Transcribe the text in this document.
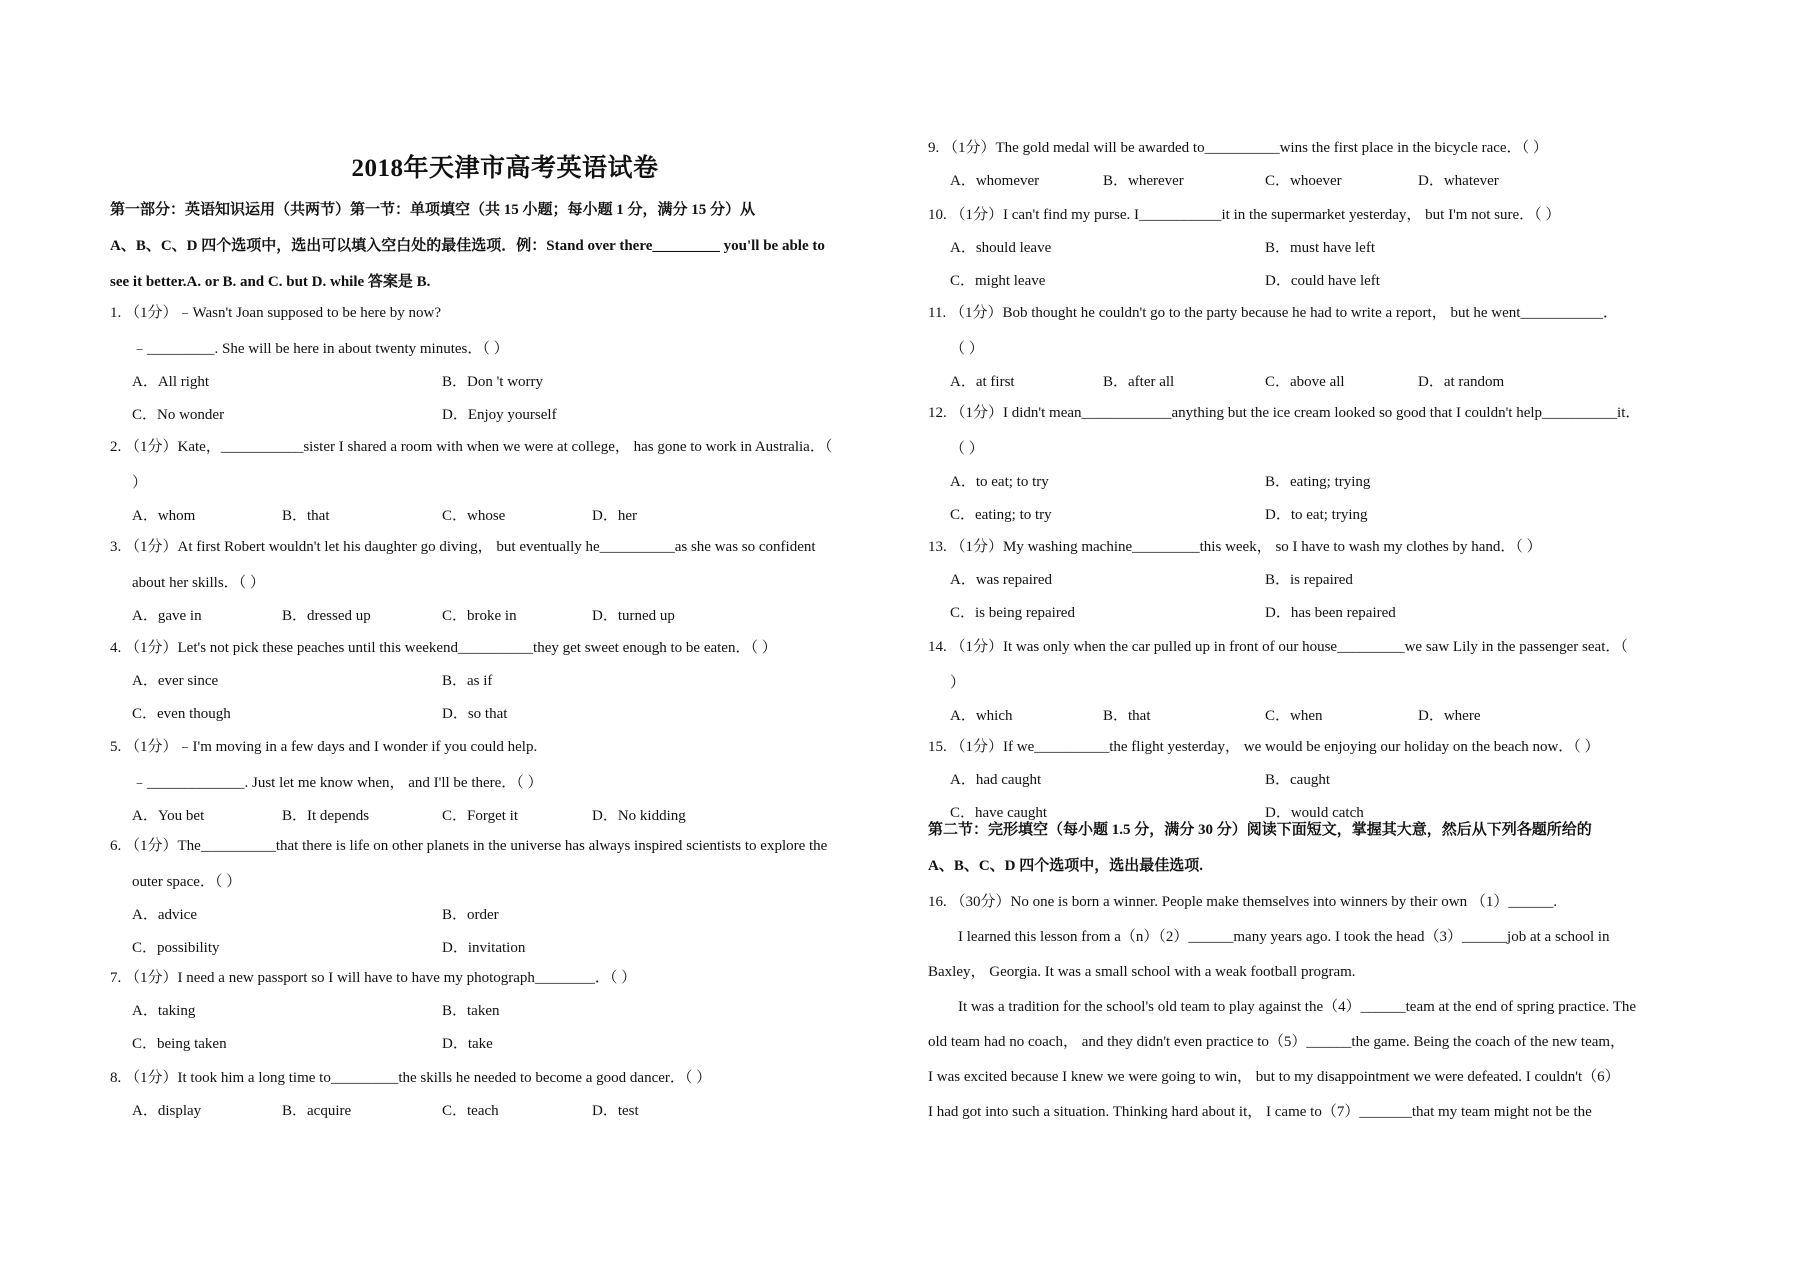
2018年天津市高考英语试卷
第一部分：英语知识运用（共两节）第一节：单项填空（共 15 小题；每小题 1 分，满分 15 分）从
A、B、C、D 四个选项中，选出可以填入空白处的最佳选项．例：Stand over there_________ you'll be able to
see it better.A. or B. and C. but D. while 答案是 B.
1. （1分）﹣Wasn't Joan supposed to be here by now?
﹣_________. She will be here in about twenty minutes．（ ）
A．All right	B．Don 't worry
C．No wonder	D．Enjoy yourself
2. （1分）Kate，___________sister I shared a room with when we were at college， has gone to work in Australia．（
）
A．whom	B．that	C．whose	D．her
3. （1分）At first Robert wouldn't let his daughter go diving， but eventually he__________as she was so confident
about her skills．（ ）
A．gave in	B．dressed up	C．broke in	D．turned up
4. （1分）Let's not pick these peaches until this weekend__________they get sweet enough to be eaten．（ ）
A．ever since	B．as if
C．even though	D．so that
5. （1分）﹣I'm moving in a few days and I wonder if you could help.
﹣_____________. Just let me know when， and I'll be there．（ ）
A．You bet	B．It depends	C．Forget it	D．No kidding
6. （1分）The__________that there is life on other planets in the universe has always inspired scientists to explore the
outer space．（ ）
A．advice	B．order
C．possibility	D．invitation
7. （1分）I need a new passport so I will have to have my photograph________．（ ）
A．taking	B．taken
C．being taken	D．take
8. （1分）It took him a long time to_________the skills he needed to become a good dancer．（ ）
A．display	B．acquire	C．teach	D．test
9. （1分）The gold medal will be awarded to__________wins the first place in the bicycle race．（ ）
A．whomever	B．wherever	C．whoever	D．whatever
10. （1分）I can't find my purse. I___________it in the supermarket yesterday， but I'm not sure．（ ）
A．should leave	B．must have left
C．might leave	D．could have left
11. （1分）Bob thought he couldn't go to the party because he had to write a report， but he went___________．
（ ）
A．at first	B．after all	C．above all	D．at random
12. （1分）I didn't mean____________anything but the ice cream looked so good that I couldn't help__________it．
（ ）
A．to eat; to try	B．eating; trying
C．eating; to try	D．to eat; trying
13. （1分）My washing machine_________this week， so I have to wash my clothes by hand．（ ）
A．was repaired	B．is repaired
C．is being repaired	D．has been repaired
14. （1分）It was only when the car pulled up in front of our house_________we saw Lily in the passenger seat．（
）
A．which	B．that	C．when	D．where
15. （1分）If we__________the flight yesterday， we would be enjoying our holiday on the beach now．（ ）
A．had caught	B．caught
C．have caught	D．would catch
第二节：完形填空（每小题 1.5 分，满分 30 分）阅读下面短文，掌握其大意，然后从下列各题所给的
A、B、C、D 四个选项中，选出最佳选项.
16. （30分）No one is born a winner. People make themselves into winners by their own （1）______.
I learned this lesson from a（n）（2）______many years ago. I took the head（3）______job at a school in
Baxley， Georgia. It was a small school with a weak football program.
It was a tradition for the school's old team to play against the（4）______team at the end of spring practice. The
old team had no coach， and they didn't even practice to（5）______the game. Being the coach of the new team，
I was excited because I knew we were going to win， but to my disappointment we were defeated. I couldn't（6）
I had got into such a situation. Thinking hard about it， I came to（7）_______that my team might not be the
